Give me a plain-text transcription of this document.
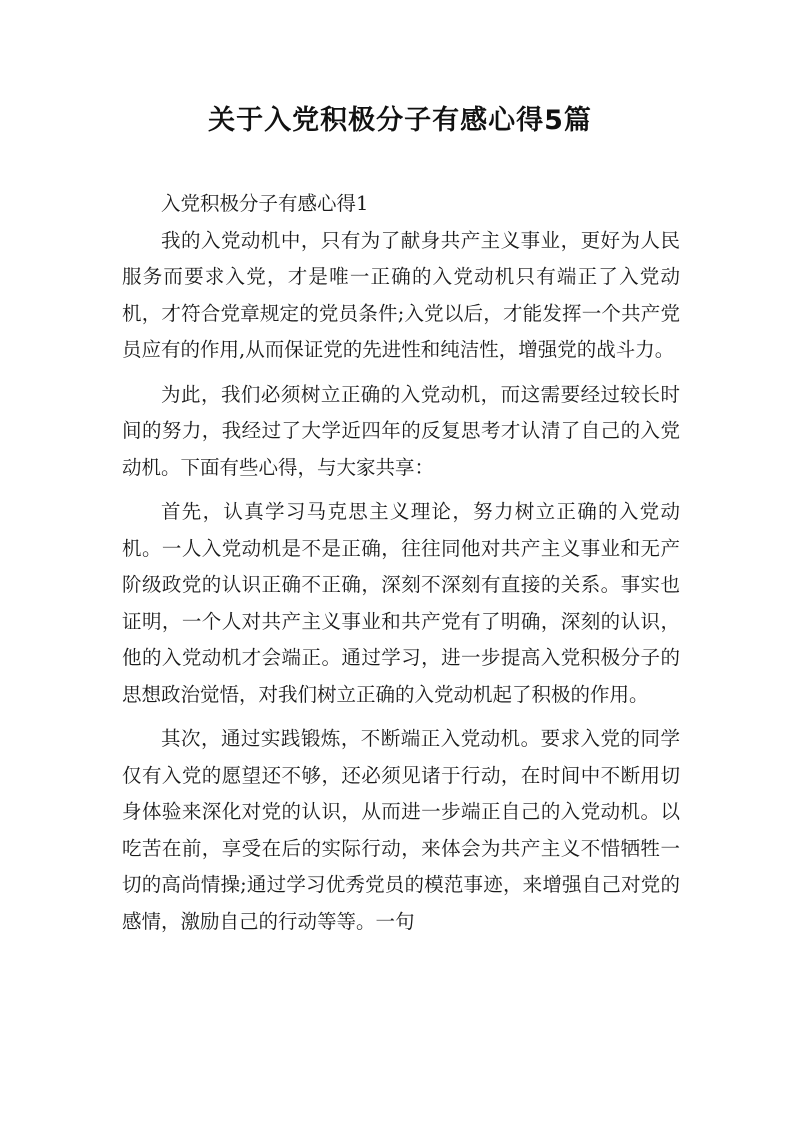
关于入党积极分子有感心得5篇

入党积极分子有感心得1

我的入党动机中，只有为了献身共产主义事业，更好为人民服务而要求入党，才是唯一正确的入党动机只有端正了入党动机，才符合党章规定的党员条件;入党以后，才能发挥一个共产党员应有的作用,从而保证党的先进性和纯洁性，增强党的战斗力。

为此，我们必须树立正确的入党动机，而这需要经过较长时间的努力，我经过了大学近四年的反复思考才认清了自己的入党动机。下面有些心得，与大家共享：

首先，认真学习马克思主义理论，努力树立正确的入党动机。一人入党动机是不是正确，往往同他对共产主义事业和无产阶级政党的认识正确不正确，深刻不深刻有直接的关系。事实也证明，一个人对共产主义事业和共产党有了明确，深刻的认识，他的入党动机才会端正。通过学习，进一步提高入党积极分子的思想政治觉悟，对我们树立正确的入党动机起了积极的作用。

其次，通过实践锻炼，不断端正入党动机。要求入党的同学仅有入党的愿望还不够，还必须见诸于行动，在时间中不断用切身体验来深化对党的认识，从而进一步端正自己的入党动机。以吃苦在前，享受在后的实际行动，来体会为共产主义不惜牺牲一切的高尚情操;通过学习优秀党员的模范事迹，来增强自己对党的感情，激励自己的行动等等。一句
